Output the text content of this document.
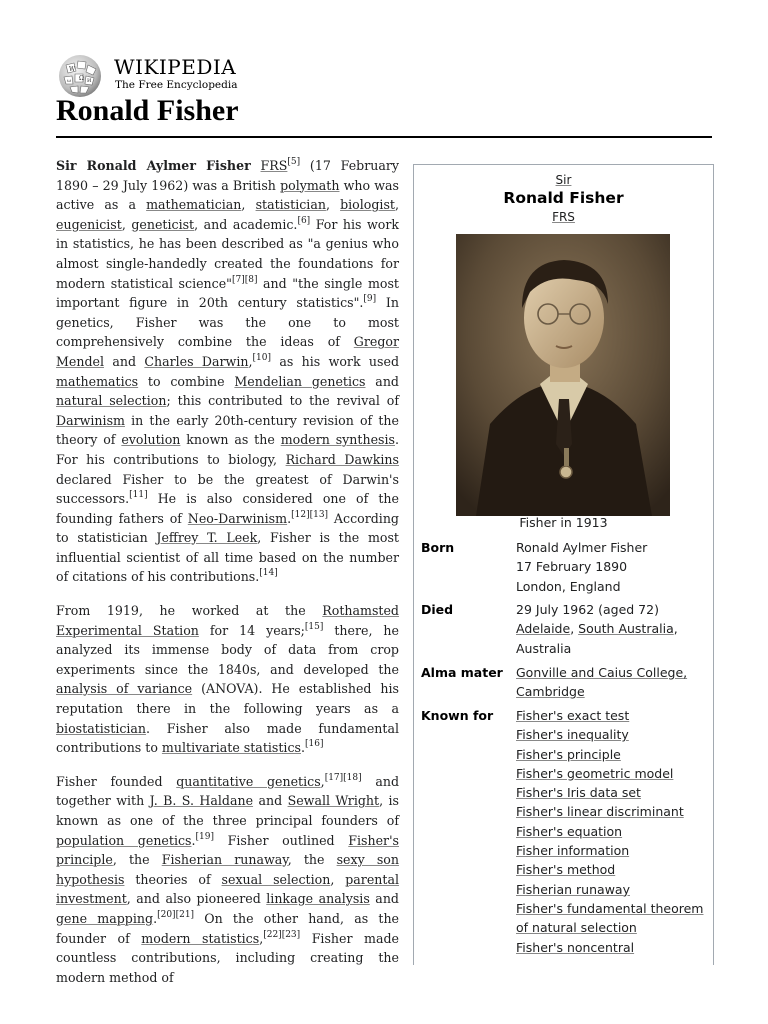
W
Ω И
ω
WIKIPEDIA
The Free Encyclopedia
Ronald Fisher

Sir Ronald Aylmer Fisher FRS[5] (17 February 1890 – 29 July 1962) was a British polymath who was active as a mathematician, statistician, biologist, eugenicist, geneticist, and academic.[6] For his work in statistics, he has been described as "a genius who almost single-handedly created the foundations for modern statistical science"[7][8] and "the single most important figure in 20th century statistics".[9] In genetics, Fisher was the one to most comprehensively combine the ideas of Gregor Mendel and Charles Darwin,[10] as his work used mathematics to combine Mendelian genetics and natural selection; this contributed to the revival of Darwinism in the early 20th-century revision of the theory of evolution known as the modern synthesis. For his contributions to biology, Richard Dawkins declared Fisher to be the greatest of Darwin's successors.[11] He is also considered one of the founding fathers of Neo-Darwinism.[12][13] According to statistician Jeffrey T. Leek, Fisher is the most influential scientist of all time based on the number of citations of his contributions.[14]

From 1919, he worked at the Rothamsted Experimental Station for 14 years;[15] there, he analyzed its immense body of data from crop experiments since the 1840s, and developed the analysis of variance (ANOVA). He established his reputation there in the following years as a biostatistician. Fisher also made fundamental contributions to multivariate statistics.[16]

Fisher founded quantitative genetics,[17][18] and together with J. B. S. Haldane and Sewall Wright, is known as one of the three principal founders of population genetics.[19] Fisher outlined Fisher's principle, the Fisherian runaway, the sexy son hypothesis theories of sexual selection, parental investment, and also pioneered linkage analysis and gene mapping.[20][21] On the other hand, as the founder of modern statistics,[22][23] Fisher made countless contributions, including creating the modern method of

Sir
Ronald Fisher
FRS
Fisher in 1913
Born	Ronald Aylmer Fisher
17 February 1890
London, England
Died	29 July 1962 (aged 72)
Adelaide, South Australia,
Australia
Alma mater Gonville and Caius College,
Cambridge
Known for Fisher's exact test
Fisher's inequality
Fisher's principle
Fisher's geometric model
Fisher's Iris data set
Fisher's linear discriminant
Fisher's equation
Fisher information
Fisher's method
Fisherian runaway
Fisher's fundamental theorem
of natural selection
Fisher's noncentral
